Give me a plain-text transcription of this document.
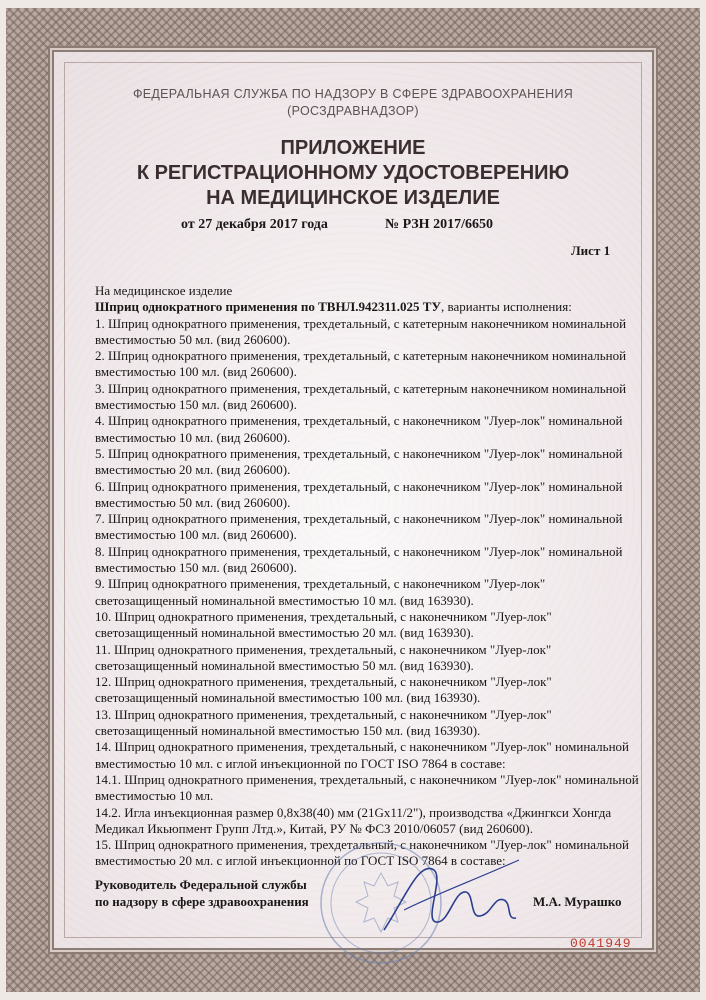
ФЕДЕРАЛЬНАЯ СЛУЖБА ПО НАДЗОРУ В СФЕРЕ ЗДРАВООХРАНЕНИЯ
(РОСЗДРАВНАДЗОР)
ПРИЛОЖЕНИЕ
К РЕГИСТРАЦИОННОМУ УДОСТОВЕРЕНИЮ
НА МЕДИЦИНСКОЕ ИЗДЕЛИЕ
от 27 декабря 2017 года	№ РЗН 2017/6650
Лист 1

На медицинское изделие

Шприц однократного применения по ТВНЛ.942311.025 ТУ, варианты исполнения:

1. Шприц однократного применения, трехдетальный, с катетерным наконечником номинальной вместимостью 50 мл. (вид 260600).

2. Шприц однократного применения, трехдетальный, с катетерным наконечником номинальной вместимостью 100 мл. (вид 260600).

3. Шприц однократного применения, трехдетальный, с катетерным наконечником номинальной вместимостью 150 мл. (вид 260600).

4. Шприц однократного применения, трехдетальный, с наконечником "Луер-лок" номинальной вместимостью 10 мл. (вид 260600).

5. Шприц однократного применения, трехдетальный, с наконечником "Луер-лок" номинальной вместимостью 20 мл. (вид 260600).

6. Шприц однократного применения, трехдетальный, с наконечником "Луер-лок" номинальной вместимостью 50 мл. (вид 260600).

7. Шприц однократного применения, трехдетальный, с наконечником "Луер-лок" номинальной вместимостью 100 мл. (вид 260600).

8. Шприц однократного применения, трехдетальный, с наконечником "Луер-лок" номинальной вместимостью 150 мл. (вид 260600).

9. Шприц однократного применения, трехдетальный, с наконечником "Луер-лок" светозащищенный номинальной вместимостью 10 мл. (вид 163930).

10. Шприц однократного применения, трехдетальный, с наконечником "Луер-лок" светозащищенный номинальной вместимостью 20 мл. (вид 163930).

11. Шприц однократного применения, трехдетальный, с наконечником "Луер-лок" светозащищенный номинальной вместимостью 50 мл. (вид 163930).

12. Шприц однократного применения, трехдетальный, с наконечником "Луер-лок" светозащищенный номинальной вместимостью 100 мл. (вид 163930).

13. Шприц однократного применения, трехдетальный, с наконечником "Луер-лок" светозащищенный номинальной вместимостью 150 мл. (вид 163930).

14. Шприц однократного применения, трехдетальный, с наконечником "Луер-лок" номинальной вместимостью 10 мл. с иглой инъекционной по ГОСТ ISO 7864 в составе:

14.1. Шприц однократного применения, трехдетальный, с наконечником "Луер-лок" номинальной вместимостью 10 мл.

14.2. Игла инъекционная размер 0,8х38(40) мм (21Gх11/2"), производства «Джингкси Хонгда Медикал Икьюпмент Групп Лтд.», Китай, РУ № ФСЗ 2010/06057 (вид 260600).

15. Шприц однократного применения, трехдетальный, с наконечником "Луер-лок" номинальной вместимостью 20 мл. с иглой инъекционной по ГОСТ ISO 7864 в составе:

Руководитель Федеральной службы
по надзору в сфере здравоохранения	М.А. Мурашко
0041949
